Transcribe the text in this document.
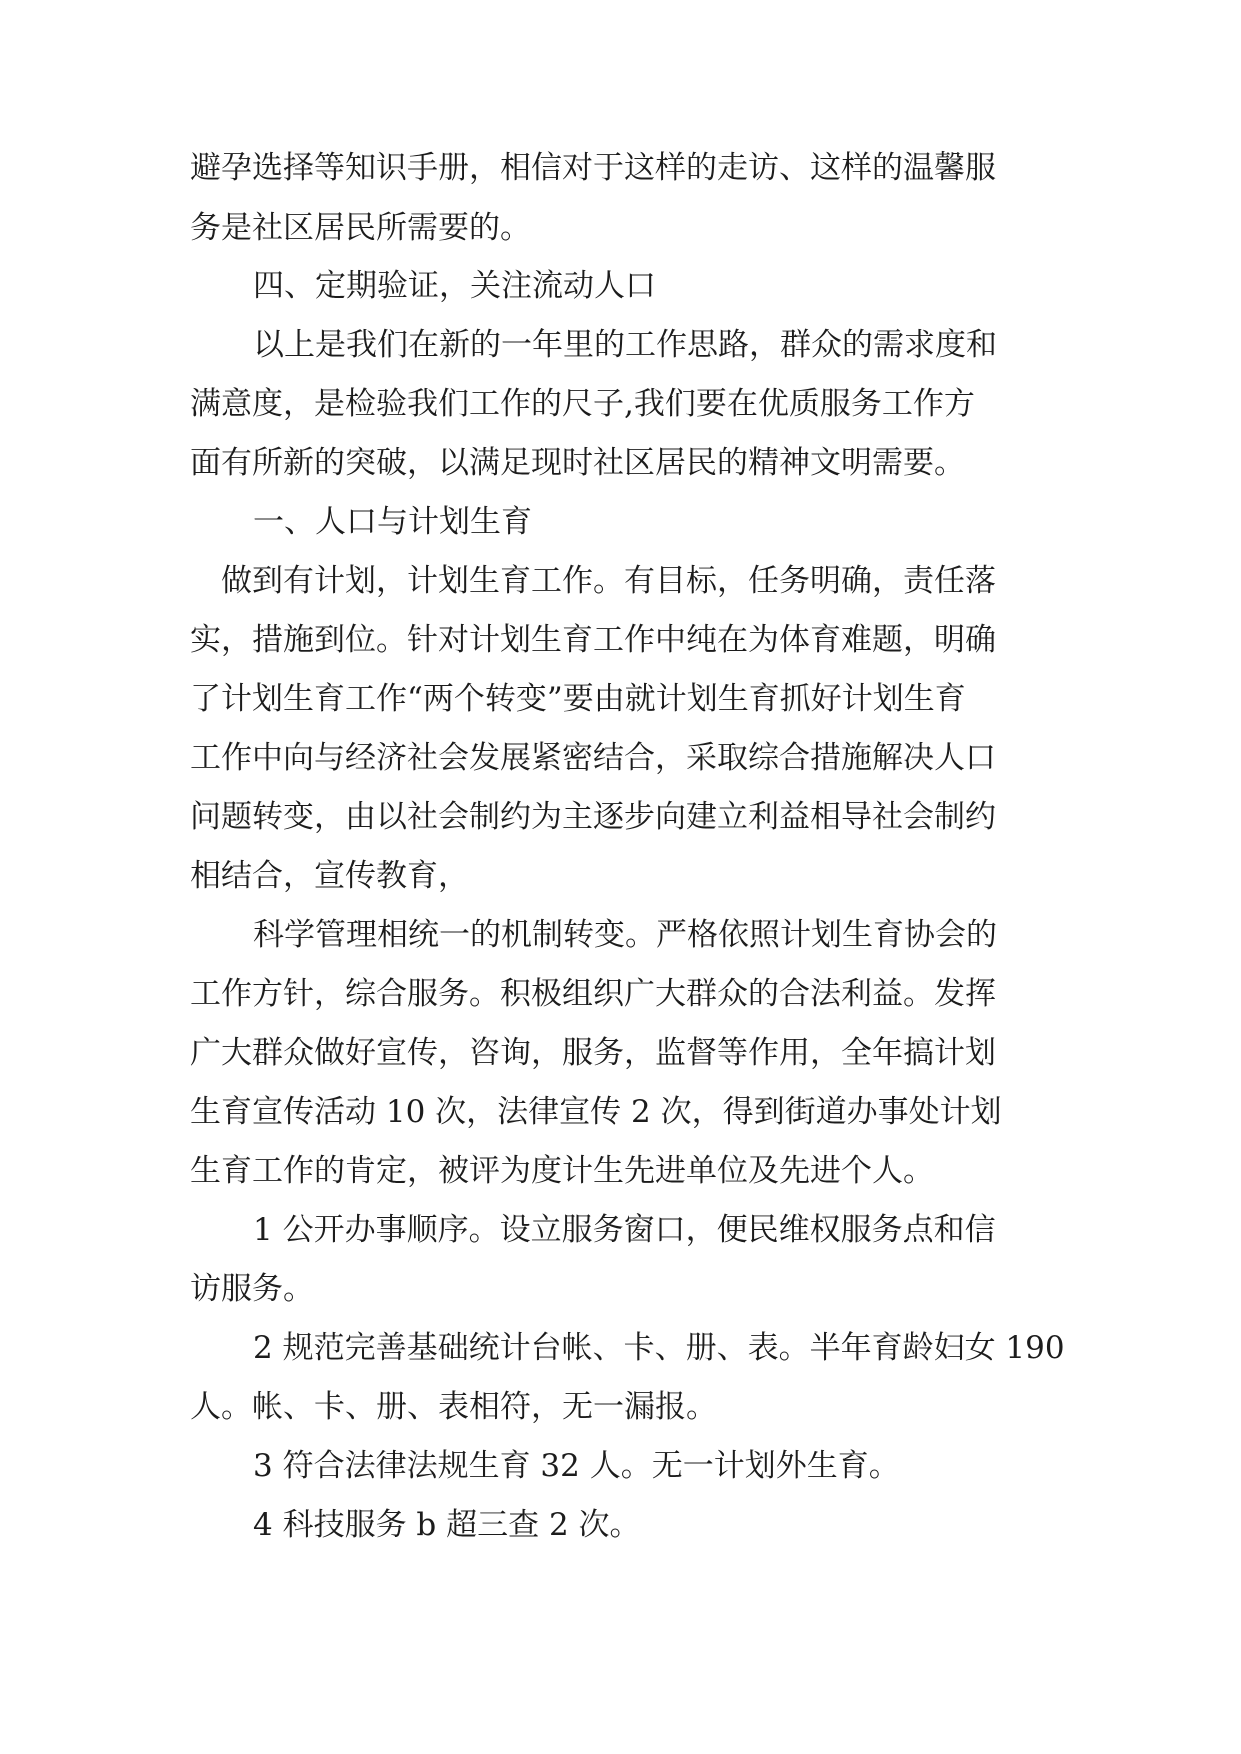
避孕选择等知识手册，相信对于这样的走访、这样的温馨服

务是社区居民所需要的。

四、定期验证，关注流动人口

以上是我们在新的一年里的工作思路，群众的需求度和

满意度，是检验我们工作的尺子,我们要在优质服务工作方

面有所新的突破，以满足现时社区居民的精神文明需要。

一、人口与计划生育

做到有计划，计划生育工作。有目标，任务明确，责任落

实，措施到位。针对计划生育工作中纯在为体育难题，明确

了计划生育工作“两个转变”要由就计划生育抓好计划生育

工作中向与经济社会发展紧密结合，采取综合措施解决人口

问题转变，由以社会制约为主逐步向建立利益相导社会制约

相结合，宣传教育，

科学管理相统一的机制转变。严格依照计划生育协会的

工作方针，综合服务。积极组织广大群众的合法利益。发挥

广大群众做好宣传，咨询，服务，监督等作用，全年搞计划

生育宣传活动 10 次，法律宣传 2 次，得到街道办事处计划

生育工作的肯定，被评为度计生先进单位及先进个人。

1 公开办事顺序。设立服务窗口，便民维权服务点和信

访服务。

2 规范完善基础统计台帐、卡、册、表。半年育龄妇女 190

人。帐、卡、册、表相符，无一漏报。

3 符合法律法规生育 32 人。无一计划外生育。

4 科技服务 b 超三查 2 次。
